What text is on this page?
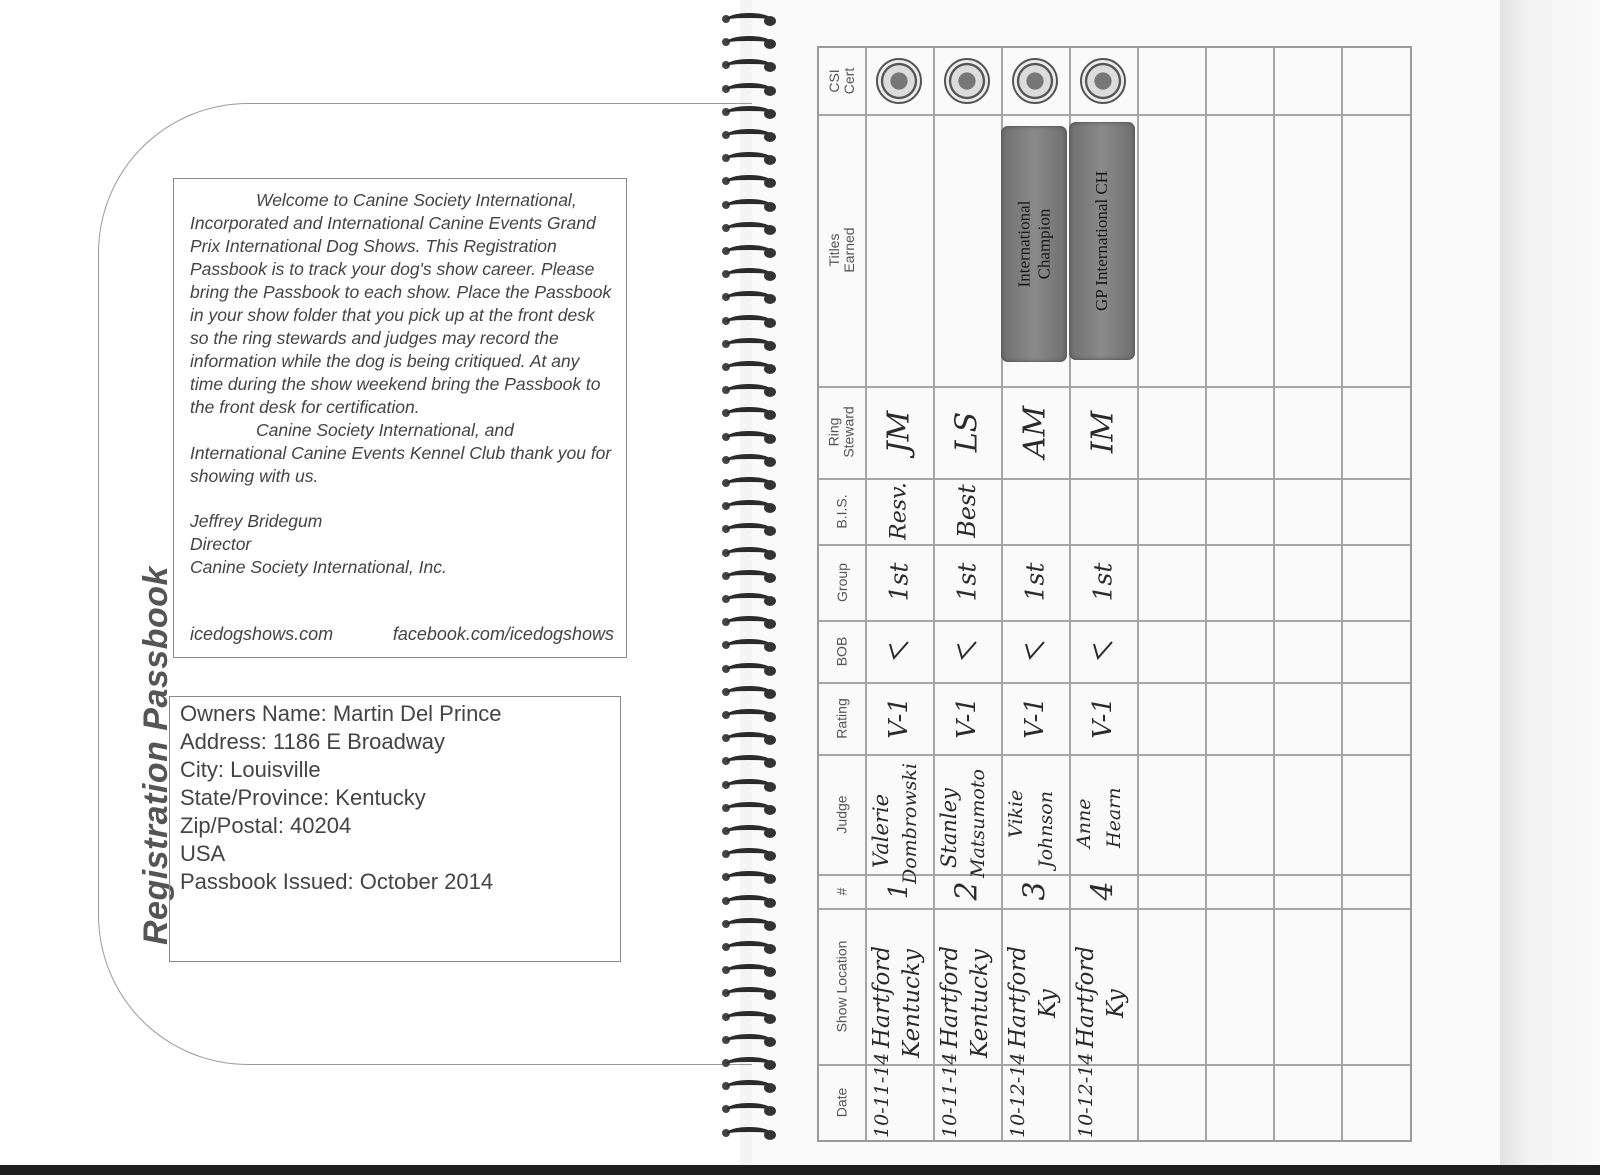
Registration Passbook

Welcome to Canine Society International, Incorporated and International Canine Events Grand Prix International Dog Shows. This Registration Passbook is to track your dog's show career. Please bring the Passbook to each show. Place the Passbook in your show folder that you pick up at the front desk so the ring stewards and judges may record the information while the dog is being critiqued. At any time during the show weekend bring the Passbook to the front desk for certification.

Canine Society International, and International Canine Events Kennel Club thank you for showing with us.

Jeffrey Bridegum

Director

Canine Society International, Inc.

icedogshows.com	facebook.com/icedogshows
Owners Name: Martin Del Prince
Address: 1186 E Broadway
City: Louisville
State/Province: Kentucky
Zip/Postal: 40204
USA
Passbook Issued: October 2014
CSI Cert
Titles Earned
Ring Steward
B.I.S.
Group
BOB
Rating
Judge
#
Show Location
Date 10-11-14
Hartford Kentucky
1
Valerie Dombrowski
V-1
1st
Resv.
JM
10-11-14
Hartford Kentucky
2
Stanley Matsumoto
V-1
1st
Best
LS
10-12-14
Hartford Ky
3
Vikie Johnson
V-1
1st
AM
International Champion
10-12-14
Hartford Ky
4
Anne Hearn
V-1
1st
IM
GP International CH
